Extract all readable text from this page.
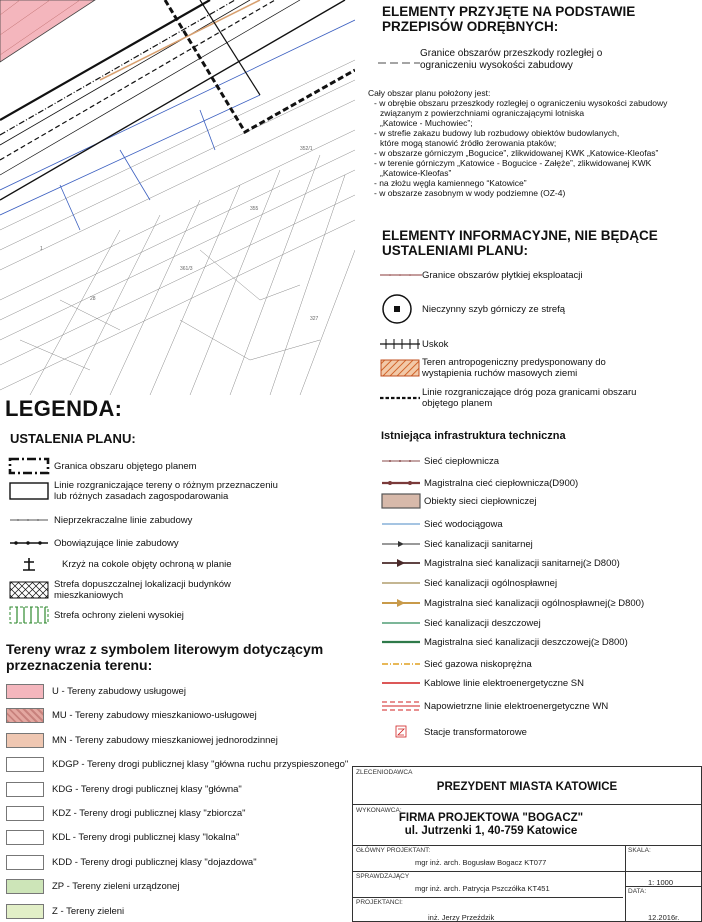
352/1
355
361/3
28
327
1
ELEMENTY PRZYJĘTE NA PODSTAWIE
PRZEPISÓW ODRĘBNYCH:
Granice obszarów przeszkody rozległej o
ograniczeniu wysokości zabudowy
Cały obszar planu położony jest:
- w obrębie obszaru przeszkody rozległej o ograniczeniu wysokości zabudowy
związanym z powierzchniami ograniczającymi lotniska
„Katowice - Muchowiec”;
- w strefie zakazu budowy lub rozbudowy obiektów budowlanych,
które mogą stanowić źródło żerowania ptaków;
- w obszarze górniczym „Bogucice”, zlikwidowanej KWK „Katowice-Kleofas”
- w terenie górniczym „Katowice - Bogucice - Załęże”, zlikwidowanej KWK
„Katowice-Kleofas”
- na złożu węgla kamiennego “Katowice”
- w obszarze zasobnym w wody podziemne (OZ-4)
ELEMENTY INFORMACYJNE, NIE BĘDĄCE
USTALENIAMI PLANU:
Granice obszarów płytkiej eksploatacji
Nieczynny szyb górniczy ze strefą
Uskok
Teren antropogeniczny predysponowany do
wystąpienia ruchów masowych ziemi
Linie rozgraniczające dróg poza granicami obszaru
objętego planem
LEGENDA:
USTALENIA PLANU:
Granica obszaru objętego planem
Linie rozgraniczające tereny o różnym przeznaczeniu
lub różnych zasadach zagospodarowania
Nieprzekraczalne linie zabudowy
Obowiązujące linie zabudowy
Krzyż na cokole objęty ochroną w planie
Strefa dopuszczalnej lokalizacji budynków
mieszkaniowych
Strefa ochrony zieleni wysokiej
Tereny wraz z symbolem literowym dotyczącym
przeznaczenia terenu:
U - Tereny zabudowy usługowej
MU - Tereny zabudowy mieszkaniowo-usługowej
MN - Tereny zabudowy mieszkaniowej jednorodzinnej
KDGP - Tereny drogi publicznej klasy "główna ruchu przyspieszonego"
KDG - Tereny drogi publicznej klasy "główna"
KDZ - Tereny drogi publicznej klasy "zbiorcza"
KDL - Tereny drogi publicznej klasy "lokalna"
KDD - Tereny drogi publicznej klasy "dojazdowa"
ZP - Tereny zieleni urządzonej
Z - Tereny zieleni
Istniejąca infrastruktura techniczna
Sieć ciepłownicza
Magistralna cieć ciepłownicza(D900)
Obiekty sieci ciepłowniczej
Sieć wodociągowa
Sieć kanalizacji sanitarnej
Magistralna sieć kanalizacji sanitarnej(≥ D800)
Sieć kanalizacji ogólnospławnej
Magistralna sieć kanalizacji ogólnospławnej(≥ D800)
Sieć kanalizacji deszczowej
Magistralna sieć kanalizacji deszczowej(≥ D800)
Sieć gazowa niskoprężna
Kablowe linie elektroenergetyczne SN
Napowietrzne linie elektroenergetyczne WN
Stacje transformatorowe
ZLECENIODAWCA
PREZYDENT MIASTA KATOWICE
WYKONAWCA:
FIRMA PROJEKTOWA "BOGACZ"
ul. Jutrzenki 1, 40-759 Katowice
GŁÓWNY PROJEKTANT:
mgr inż. arch. Bogusław Bogacz KT077
SKALA:
SPRAWDZAJĄCY
mgr inż. arch. Patrycja Pszczółka KT451
1: 1000
DATA:
PROJEKTANCI:
inż. Jerzy Przeździk	12.2016r.
